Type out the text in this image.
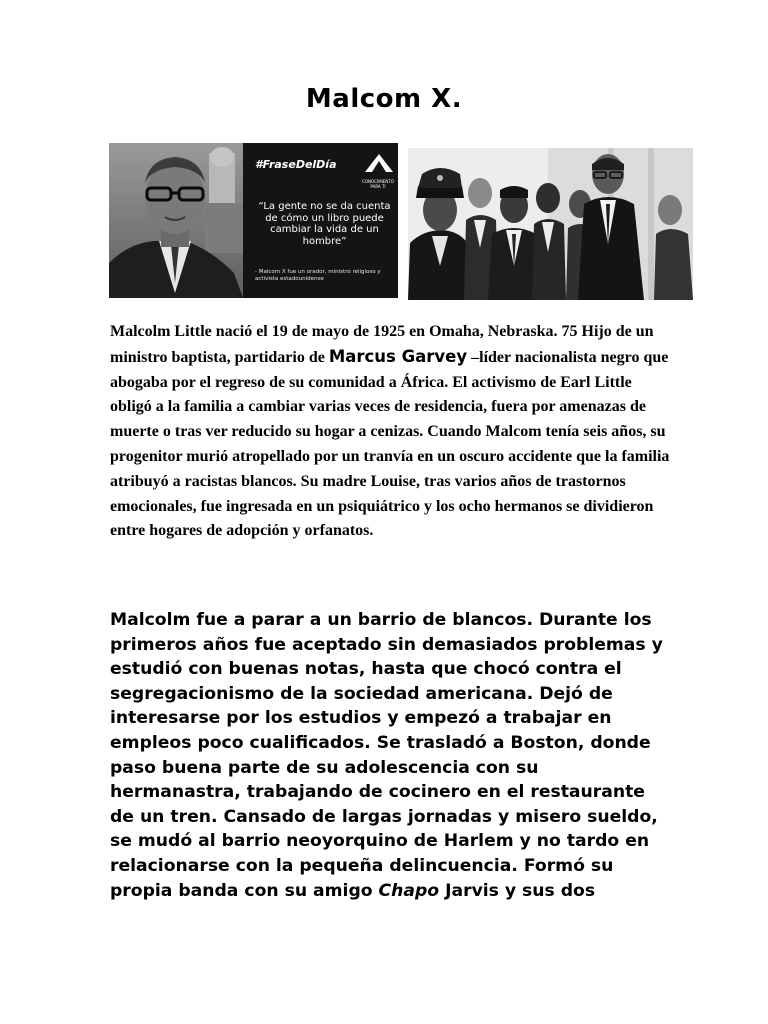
Malcom X.
#FraseDelDía
CONOCIMIENTO PARA TI
“La gente no se da cuenta de cómo un libro puede cambiar la vida de un hombre”
- Malcom X fue un orador, ministro religioso y activista estadounidense

Malcolm Little nació el 19 de mayo de 1925 en Omaha, Nebraska. 75 Hijo de un ministro baptista, partidario de Marcus Garvey –líder nacionalista negro que abogaba por el regreso de su comunidad a África. El activismo de Earl Little obligó a la familia a cambiar varias veces de residencia, fuera por amenazas de muerte o tras ver reducido su hogar a cenizas. Cuando Malcom tenía seis años, su progenitor murió atropellado por un tranvía en un oscuro accidente que la familia atribuyó a racistas blancos. Su madre Louise, tras varios años de trastornos emocionales, fue ingresada en un psiquiátrico y los ocho hermanos se dividieron entre hogares de adopción y orfanatos.

Malcolm fue a parar a un barrio de blancos. Durante los primeros años fue aceptado sin demasiados problemas y estudió con buenas notas, hasta que chocó contra el segregacionismo de la sociedad americana. Dejó de interesarse por los estudios y empezó a trabajar en empleos poco cualificados. Se trasladó a Boston, donde paso buena parte de su adolescencia con su hermanastra, trabajando de cocinero en el restaurante de un tren. Cansado de largas jornadas y misero sueldo, se mudó al barrio neoyorquino de Harlem y no tardo en relacionarse con la pequeña delincuencia. Formó su propia banda con su amigo Chapo Jarvis y sus dos
